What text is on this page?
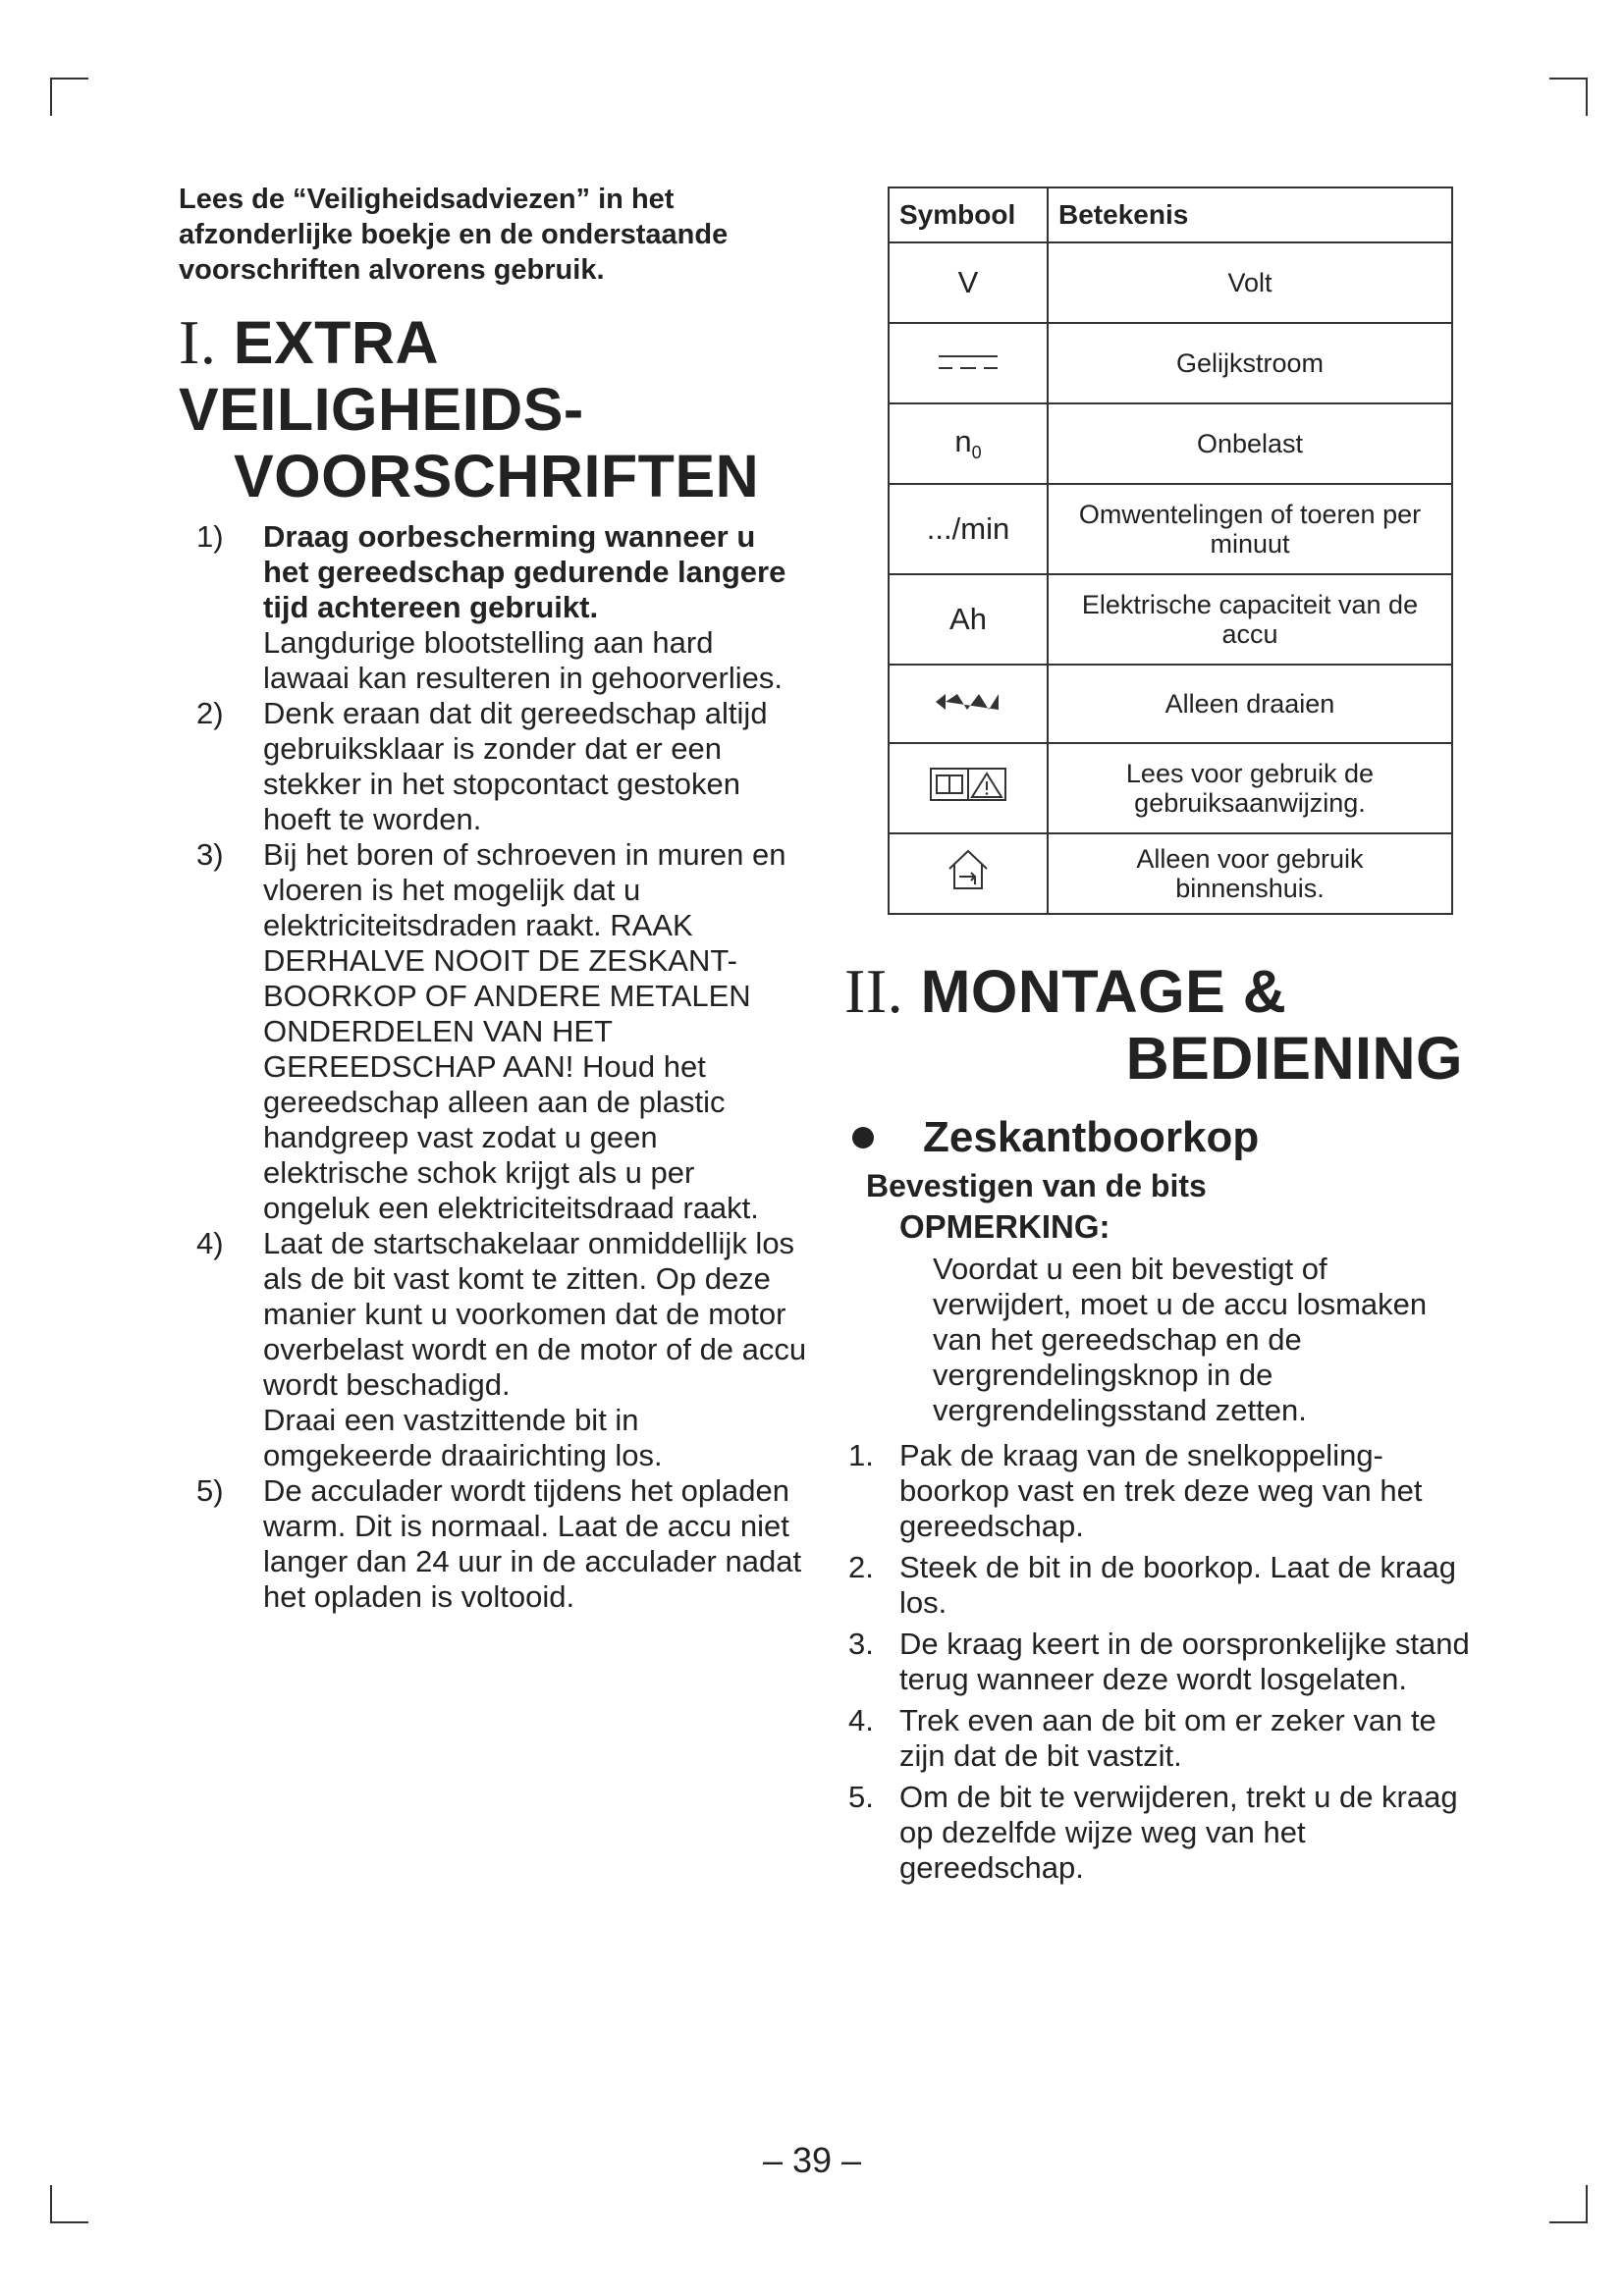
Lees de “Veiligheidsadviezen” in het afzonderlijke boekje en de onderstaande voorschriften alvorens gebruik.

I. EXTRA VEILIGHEIDS-
VOORSCHRIFTEN
1) Draag oorbescherming wanneer u het gereedschap gedurende langere tijd achtereen gebruikt.
Langdurige blootstelling aan hard lawaai kan resulteren in gehoorverlies.
2) Denk eraan dat dit gereedschap altijd gebruiksklaar is zonder dat er een stekker in het stopcontact gestoken hoeft te worden.
3) Bij het boren of schroeven in muren en vloeren is het mogelijk dat u elektriciteitsdraden raakt. RAAK DERHALVE NOOIT DE ZESKANT-BOORKOP OF ANDERE METALEN ONDERDELEN VAN HET GEREEDSCHAP AAN! Houd het gereedschap alleen aan de plastic handgreep vast zodat u geen elektrische schok krijgt als u per ongeluk een elektriciteitsdraad raakt.
4) Laat de startschakelaar onmiddellijk los als de bit vast komt te zitten. Op deze manier kunt u voorkomen dat de motor overbelast wordt en de motor of de accu wordt beschadigd.
Draai een vastzittende bit in omgekeerde draairichting los.
5) De acculader wordt tijdens het opladen warm. Dit is normaal. Laat de accu niet langer dan 24 uur in de acculader nadat het opladen is voltooid.
Symbool	Betekenis
V	Volt
	Gelijkstroom
$n_0$	Onbelast
.../min	Omwentelingen of toeren per minuut
Ah	Elektrische capaciteit van de accu
	Alleen draaien
	Lees voor gebruik de gebruiksaanwijzing.
	Alleen voor gebruik binnenshuis.
II. MONTAGE &
BEDIENING
Zeskantboorkop
Bevestigen van de bits
OPMERKING:

Voordat u een bit bevestigt of verwijdert, moet u de accu losmaken van het gereedschap en de vergrendelingsknop in de vergrendelingsstand zetten.

1. Pak de kraag van de snelkoppeling-boorkop vast en trek deze weg van het gereedschap.
2. Steek de bit in de boorkop. Laat de kraag los.
3. De kraag keert in de oorspronkelijke stand terug wanneer deze wordt losgelaten.
4. Trek even aan de bit om er zeker van te zijn dat de bit vastzit.
5. Om de bit te verwijderen, trekt u de kraag op dezelfde wijze weg van het gereedschap.
– 39 –
